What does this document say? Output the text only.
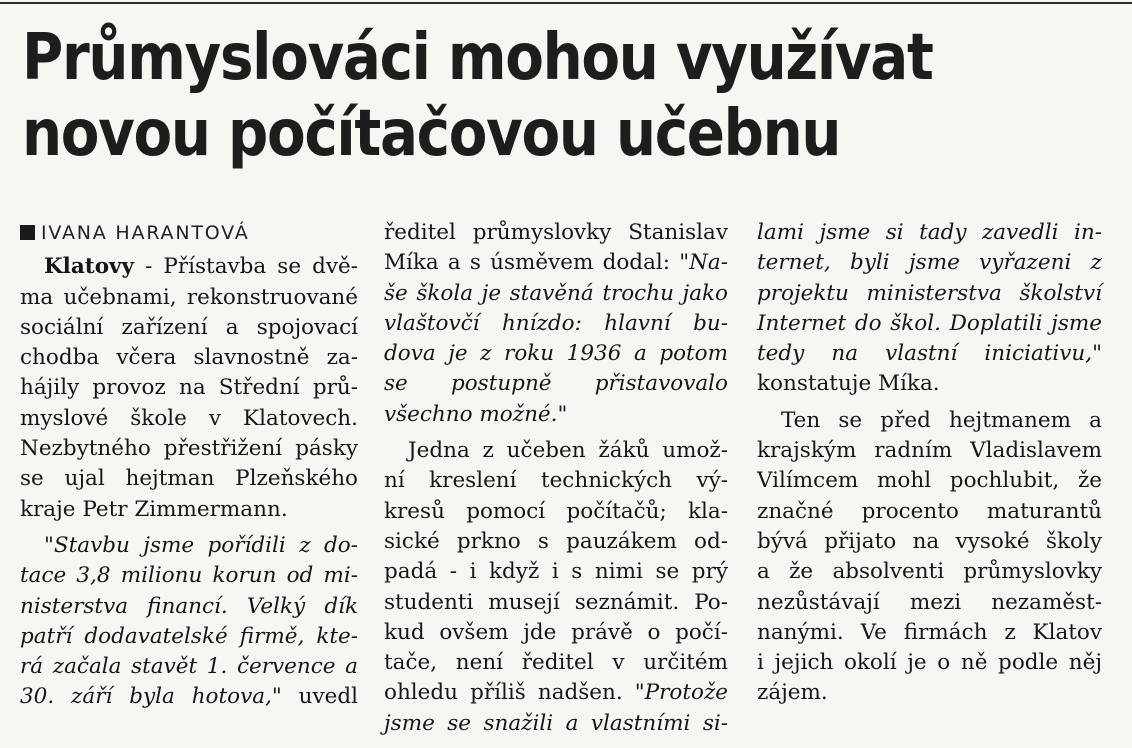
Průmyslováci mohou využívat
novou počítačovou učebnu
IVANA HARANTOVÁ
Klatovy - Přístavba se dvě-
ma učebnami, rekonstruované
sociální zařízení a spojovací
chodba včera slavnostně za-
hájily provoz na Střední prů-
myslové škole v Klatovech.
Nezbytného přestřižení pásky
se ujal hejtman Plzeňského
kraje Petr Zimmermann.
"Stavbu jsme pořídili z do-
tace 3,8 milionu korun od mi-
nisterstva financí. Velký dík
patří dodavatelské firmě, kte-
rá začala stavět 1. července a
30. září byla hotova," uvedl
ředitel průmyslovky Stanislav
Míka a s úsměvem dodal: "Na-
še škola je stavěná trochu jako
vlaštovčí hnízdo: hlavní bu-
dova je z roku 1936 a potom
se postupně přistavovalo
všechno možné."
Jedna z učeben žáků umož-
ní kreslení technických vý-
kresů pomocí počítačů; kla-
sické prkno s pauzákem od-
padá - i když i s nimi se prý
studenti musejí seznámit. Po-
kud ovšem jde právě o počí-
tače, není ředitel v určitém
ohledu příliš nadšen. "Protože
jsme se snažili a vlastními si-
lami jsme si tady zavedli in-
ternet, byli jsme vyřazeni z
projektu ministerstva školství
Internet do škol. Doplatili jsme
tedy na vlastní iniciativu,"
konstatuje Míka.
Ten se před hejtmanem a
krajským radním Vladislavem
Vilímcem mohl pochlubit, že
značné procento maturantů
bývá přijato na vysoké školy
a že absolventi průmyslovky
nezůstávají mezi nezaměst-
nanými. Ve firmách z Klatov
i jejich okolí je o ně podle něj
zájem.
